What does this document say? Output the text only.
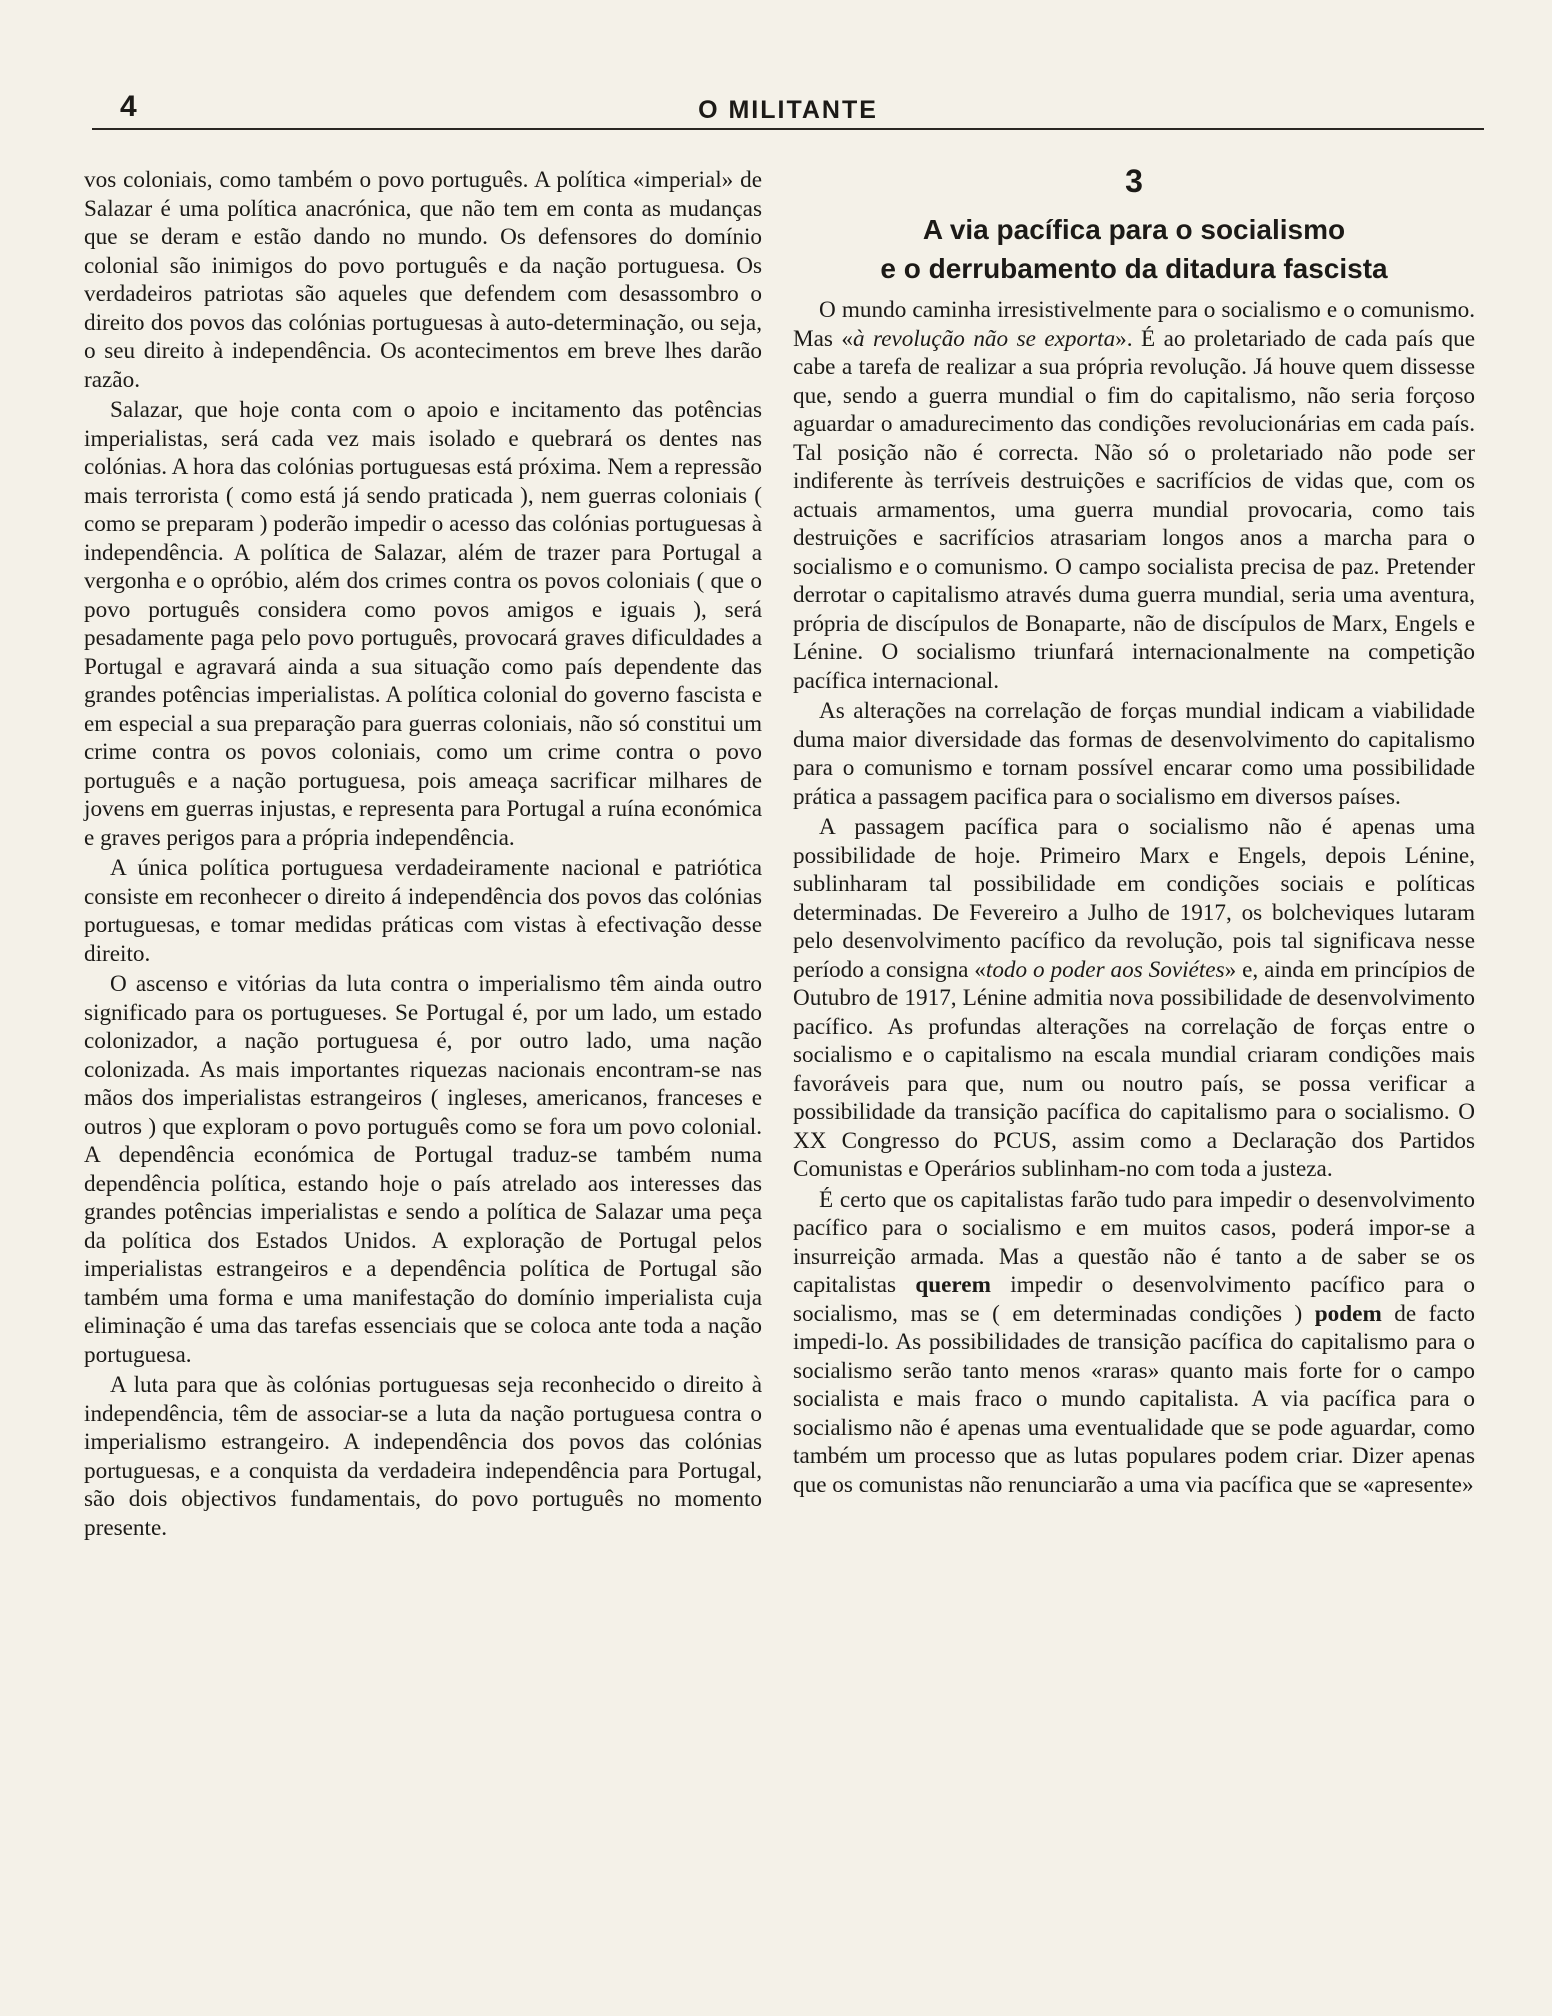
4	O MILITANTE

vos coloniais, como também o povo português. A política «imperial» de Salazar é uma política anacrónica, que não tem em conta as mudanças que se deram e estão dando no mundo. Os defensores do domínio colonial são inimigos do povo português e da nação portuguesa. Os verdadeiros patriotas são aqueles que defendem com desassombro o direito dos povos das colónias portuguesas à auto-determinação, ou seja, o seu direito à independência. Os acontecimentos em breve lhes darão razão.

Salazar, que hoje conta com o apoio e incitamento das potências imperialistas, será cada vez mais isolado e quebrará os dentes nas colónias. A hora das colónias portuguesas está próxima. Nem a repressão mais terrorista ( como está já sendo praticada ), nem guerras coloniais ( como se preparam ) poderão impedir o acesso das colónias portuguesas à independência. A política de Salazar, além de trazer para Portugal a vergonha e o opróbio, além dos crimes contra os povos coloniais ( que o povo português considera como povos amigos e iguais ), será pesadamente paga pelo povo português, provocará graves dificuldades a Portugal e agravará ainda a sua situação como país dependente das grandes potências imperialistas. A política colonial do governo fascista e em especial a sua preparação para guerras coloniais, não só constitui um crime contra os povos coloniais, como um crime contra o povo português e a nação portuguesa, pois ameaça sacrificar milhares de jovens em guerras injustas, e representa para Portugal a ruína económica e graves perigos para a própria independência.

A única política portuguesa verdadeiramente nacional e patriótica consiste em reconhecer o direito á independência dos povos das colónias portuguesas, e tomar medidas práticas com vistas à efectivação desse direito.

O ascenso e vitórias da luta contra o imperialismo têm ainda outro significado para os portugueses. Se Portugal é, por um lado, um estado colonizador, a nação portuguesa é, por outro lado, uma nação colonizada. As mais importantes riquezas nacionais encontram-se nas mãos dos imperialistas estrangeiros ( ingleses, americanos, franceses e outros ) que exploram o povo português como se fora um povo colonial. A dependência económica de Portugal traduz-se também numa dependência política, estando hoje o país atrelado aos interesses das grandes potências imperialistas e sendo a política de Salazar uma peça da política dos Estados Unidos. A exploração de Portugal pelos imperialistas estrangeiros e a dependência política de Portugal são também uma forma e uma manifestação do domínio imperialista cuja eliminação é uma das tarefas essenciais que se coloca ante toda a nação portuguesa.

A luta para que às colónias portuguesas seja reconhecido o direito à independência, têm de associar-se a luta da nação portuguesa contra o imperialismo estrangeiro. A independência dos povos das colónias portuguesas, e a conquista da verdadeira independência para Portugal, são dois objectivos fundamentais, do povo português no momento presente.

3
A via pacífica para o socialismo
e o derrubamento da ditadura fascista

O mundo caminha irresistivelmente para o socialismo e o comunismo. Mas «à revolução não se exporta». É ao proletariado de cada país que cabe a tarefa de realizar a sua própria revolução. Já houve quem dissesse que, sendo a guerra mundial o fim do capitalismo, não seria forçoso aguardar o amadurecimento das condições revolucionárias em cada país. Tal posição não é correcta. Não só o proletariado não pode ser indiferente às terríveis destruições e sacrifícios de vidas que, com os actuais armamentos, uma guerra mundial provocaria, como tais destruições e sacrifícios atrasariam longos anos a marcha para o socialismo e o comunismo. O campo socialista precisa de paz. Pretender derrotar o capitalismo através duma guerra mundial, seria uma aventura, própria de discípulos de Bonaparte, não de discípulos de Marx, Engels e Lénine. O socialismo triunfará internacionalmente na competição pacífica internacional.

As alterações na correlação de forças mundial indicam a viabilidade duma maior diversidade das formas de desenvolvimento do capitalismo para o comunismo e tornam possível encarar como uma possibilidade prática a passagem pacifica para o socialismo em diversos países.

A passagem pacífica para o socialismo não é apenas uma possibilidade de hoje. Primeiro Marx e Engels, depois Lénine, sublinharam tal possibilidade em condições sociais e políticas determinadas. De Fevereiro a Julho de 1917, os bolcheviques lutaram pelo desenvolvimento pacífico da revolução, pois tal significava nesse período a consigna «todo o poder aos Soviétes» e, ainda em princípios de Outubro de 1917, Lénine admitia nova possibilidade de desenvolvimento pacífico. As profundas alterações na correlação de forças entre o socialismo e o capitalismo na escala mundial criaram condições mais favoráveis para que, num ou noutro país, se possa verificar a possibilidade da transição pacífica do capitalismo para o socialismo. O XX Congresso do PCUS, assim como a Declaração dos Partidos Comunistas e Operários sublinham-no com toda a justeza.

É certo que os capitalistas farão tudo para impedir o desenvolvimento pacífico para o socialismo e em muitos casos, poderá impor-se a insurreição armada. Mas a questão não é tanto a de saber se os capitalistas querem impedir o desenvolvimento pacífico para o socialismo, mas se ( em determinadas condições ) podem de facto impedi-lo. As possibilidades de transição pacífica do capitalismo para o socialismo serão tanto menos «raras» quanto mais forte for o campo socialista e mais fraco o mundo capitalista. A via pacífica para o socialismo não é apenas uma eventualidade que se pode aguardar, como também um processo que as lutas populares podem criar. Dizer apenas que os comunistas não renunciarão a uma via pacífica que se «apresente»
